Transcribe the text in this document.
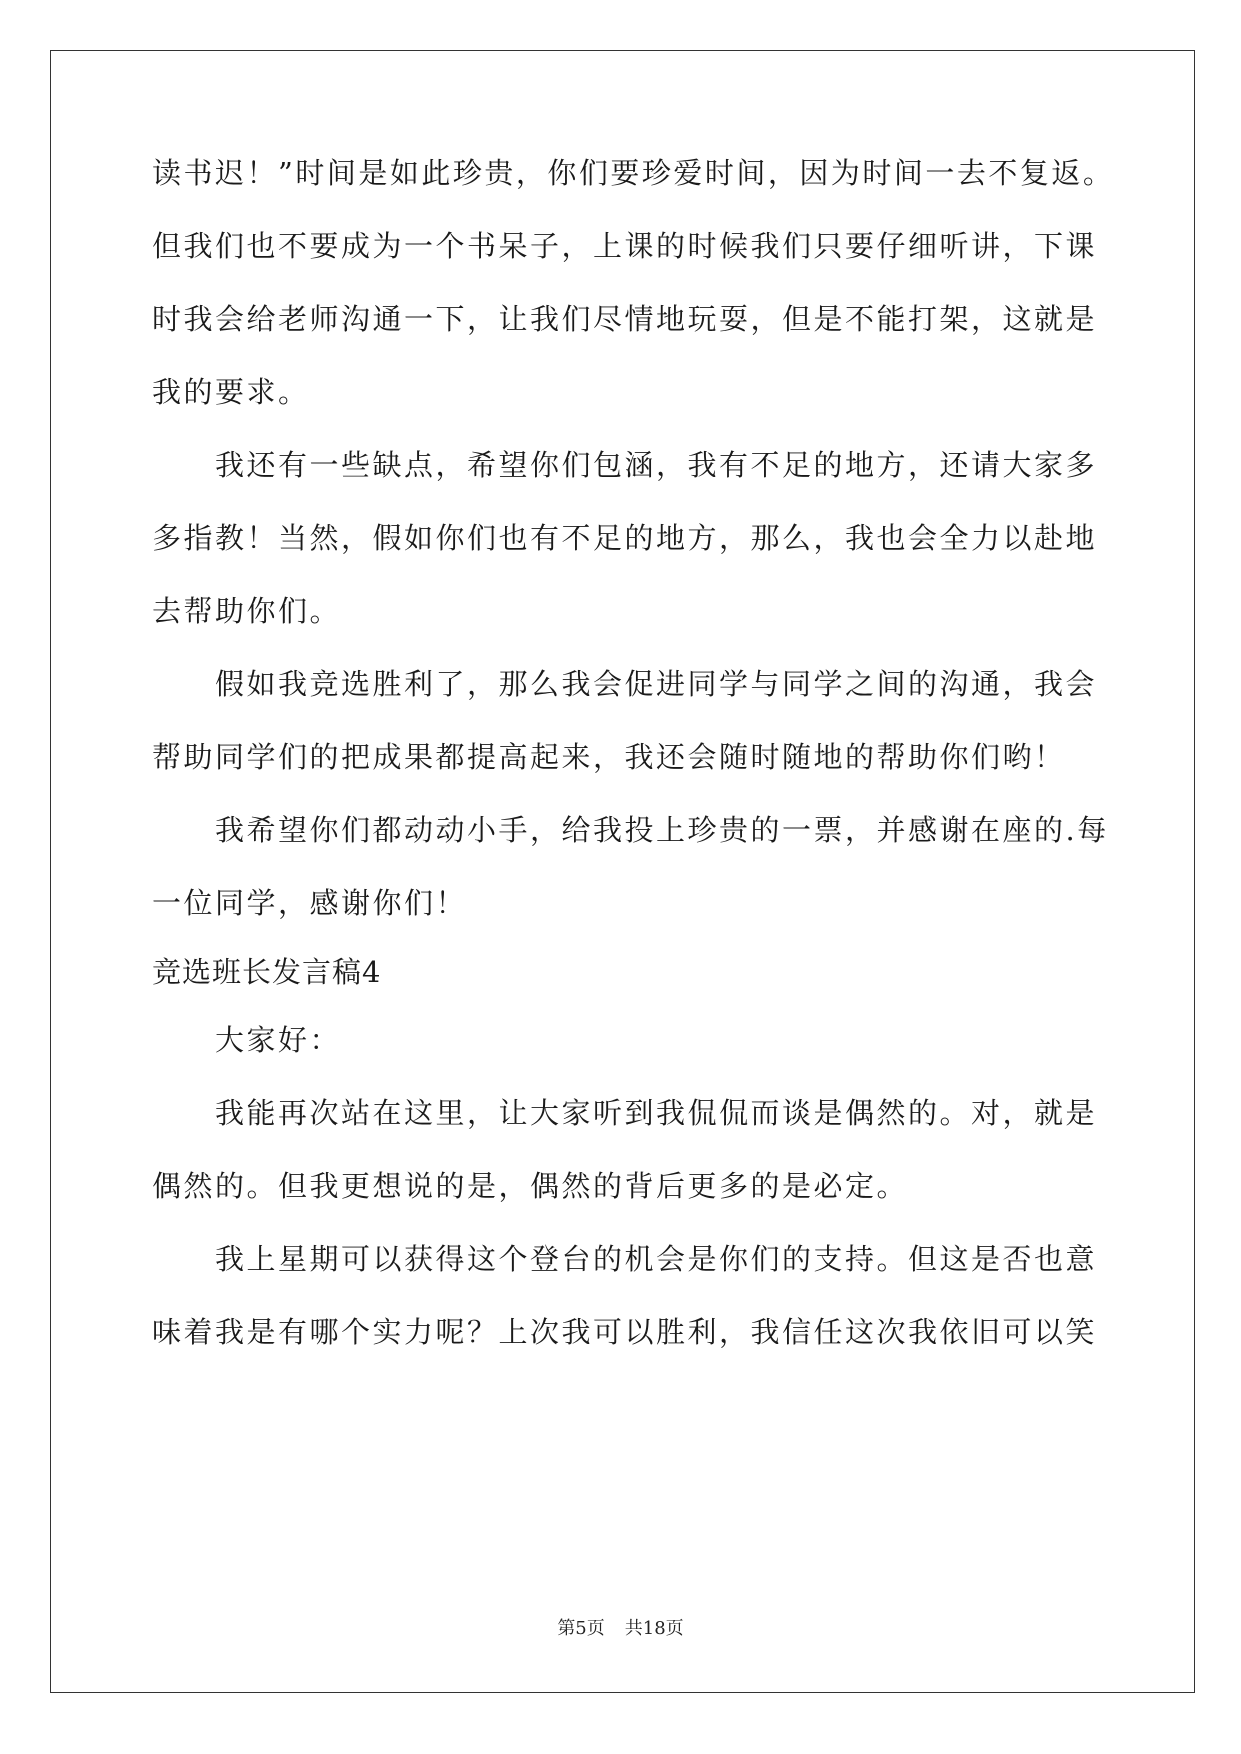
读书迟！”时间是如此珍贵，你们要珍爱时间，因为时间一去不复返。
但我们也不要成为一个书呆子，上课的时候我们只要仔细听讲，下课
时我会给老师沟通一下，让我们尽情地玩耍，但是不能打架，这就是
我的要求。
我还有一些缺点，希望你们包涵，我有不足的地方，还请大家多
多指教！当然，假如你们也有不足的地方，那么，我也会全力以赴地
去帮助你们。
假如我竞选胜利了，那么我会促进同学与同学之间的沟通，我会
帮助同学们的把成果都提高起来，我还会随时随地的帮助你们哟！
我希望你们都动动小手，给我投上珍贵的一票，并感谢在座的.每
一位同学，感谢你们！
竞选班长发言稿4
大家好：
我能再次站在这里，让大家听到我侃侃而谈是偶然的。对，就是
偶然的。但我更想说的是，偶然的背后更多的是必定。
我上星期可以获得这个登台的机会是你们的支持。但这是否也意
味着我是有哪个实力呢？上次我可以胜利，我信任这次我依旧可以笑
第5页 共18页
